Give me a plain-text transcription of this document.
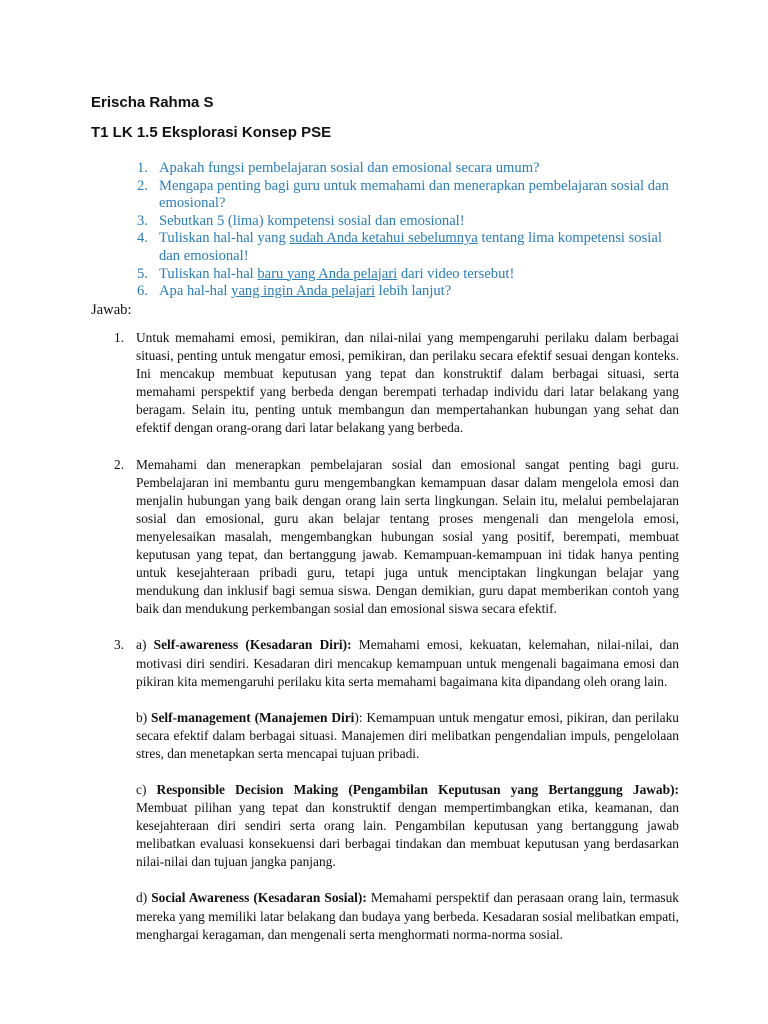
Erischa Rahma S
T1 LK 1.5 Eksplorasi Konsep PSE
1. Apakah fungsi pembelajaran sosial dan emosional secara umum?
2. Mengapa penting bagi guru untuk memahami dan menerapkan pembelajaran sosial dan emosional?
3. Sebutkan 5 (lima) kompetensi sosial dan emosional!
4. Tuliskan hal-hal yang sudah Anda ketahui sebelumnya tentang lima kompetensi sosial dan emosional!
5. Tuliskan hal-hal baru yang Anda pelajari dari video tersebut!
6. Apa hal-hal yang ingin Anda pelajari lebih lanjut?
Jawab:
1. Untuk memahami emosi, pemikiran, dan nilai-nilai yang mempengaruhi perilaku dalam berbagai situasi, penting untuk mengatur emosi, pemikiran, dan perilaku secara efektif sesuai dengan konteks. Ini mencakup membuat keputusan yang tepat dan konstruktif dalam berbagai situasi, serta memahami perspektif yang berbeda dengan berempati terhadap individu dari latar belakang yang beragam. Selain itu, penting untuk membangun dan mempertahankan hubungan yang sehat dan efektif dengan orang-orang dari latar belakang yang berbeda.

2. Memahami dan menerapkan pembelajaran sosial dan emosional sangat penting bagi guru. Pembelajaran ini membantu guru mengembangkan kemampuan dasar dalam mengelola emosi dan menjalin hubungan yang baik dengan orang lain serta lingkungan. Selain itu, melalui pembelajaran sosial dan emosional, guru akan belajar tentang proses mengenali dan mengelola emosi, menyelesaikan masalah, mengembangkan hubungan sosial yang positif, berempati, membuat keputusan yang tepat, dan bertanggung jawab. Kemampuan-kemampuan ini tidak hanya penting untuk kesejahteraan pribadi guru, tetapi juga untuk menciptakan lingkungan belajar yang mendukung dan inklusif bagi semua siswa. Dengan demikian, guru dapat memberikan contoh yang baik dan mendukung perkembangan sosial dan emosional siswa secara efektif.

3. a) Self-awareness (Kesadaran Diri): Memahami emosi, kekuatan, kelemahan, nilai-nilai, dan motivasi diri sendiri. Kesadaran diri mencakup kemampuan untuk mengenali bagaimana emosi dan pikiran kita memengaruhi perilaku kita serta memahami bagaimana kita dipandang oleh orang lain.

b) Self-management (Manajemen Diri): Kemampuan untuk mengatur emosi, pikiran, dan perilaku secara efektif dalam berbagai situasi. Manajemen diri melibatkan pengendalian impuls, pengelolaan stres, dan menetapkan serta mencapai tujuan pribadi.

c) Responsible Decision Making (Pengambilan Keputusan yang Bertanggung Jawab): Membuat pilihan yang tepat dan konstruktif dengan mempertimbangkan etika, keamanan, dan kesejahteraan diri sendiri serta orang lain. Pengambilan keputusan yang bertanggung jawab melibatkan evaluasi konsekuensi dari berbagai tindakan dan membuat keputusan yang berdasarkan nilai-nilai dan tujuan jangka panjang.

d) Social Awareness (Kesadaran Sosial): Memahami perspektif dan perasaan orang lain, termasuk mereka yang memiliki latar belakang dan budaya yang berbeda. Kesadaran sosial melibatkan empati, menghargai keragaman, dan mengenali serta menghormati norma-norma sosial.
